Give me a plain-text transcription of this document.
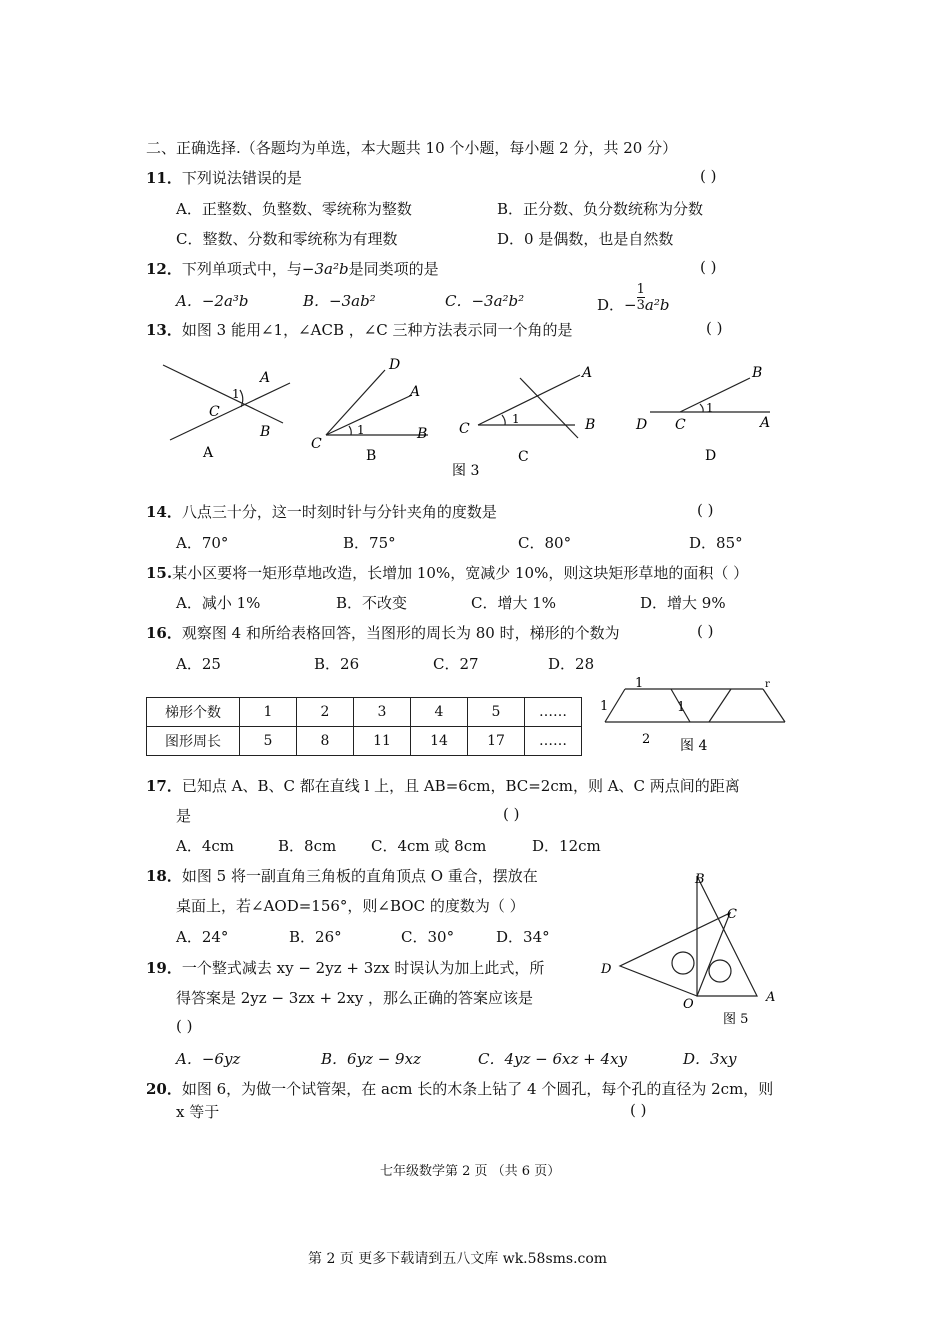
二、正确选择.（各题均为单选，本大题共 10 个小题，每小题 2 分，共 20 分）
11．下列说法错误的是	( )
A．正整数、负整数、零统称为整数	B．正分数、负分数统称为分数
C．整数、分数和零统称为有理数	D．0 是偶数，也是自然数
12．下列单项式中，与−3a²b是同类项的是	( )
A．−2a³b	B．−3ab²	C．−3a²b²	D．− $\frac{1}{3} a^2b$
13．如图 3 能用∠1，∠ACB ，∠C 三种方法表示同一个角的是	( )
A
C
B
1
A
D
A
C
1	B
B
A
C
1	B
C
B
D C
1
A
D
图 3
14．八点三十分，这一时刻时针与分针夹角的度数是	( )
A．70°	B．75°	C．80°	D．85°
15.某小区要将一矩形草地改造，长增加 10%，宽减少 10%，则这块矩形草地的面积（ ）
A．减小 1%	B．不改变	C．增大 1%	D．增大 9%
16．观察图 4 和所给表格回答，当图形的周长为 80 时，梯形的个数为	( )
A．25	B．26	C．27	D．28
梯形个数	1	2	3	4	5	……
图形周长	5	8	11	14	17	……
1
1	1
2
r
图 4
17．已知点 A、B、C 都在直线 l 上，且 AB=6cm，BC=2cm，则 A、C 两点间的距离
是	( )
A．4cm	B．8cm C．4cm 或 8cm	D．12cm
18．如图 5 将一副直角三角板的直角顶点 O 重合，摆放在
桌面上，若∠AOD=156°，则∠BOC 的度数为（ ）
A．24°	B．26°	C．30°	D．34°
B
C
D
O	A
图 5
19．一个整式减去 xy − 2yz + 3zx 时误认为加上此式，所
得答案是 2yz − 3zx + 2xy ，那么正确的答案应该是
( )
A．−6yz	B．6yz − 9xz	C．4yz − 6xz + 4xy	D．3xy
20．如图 6，为做一个试管架，在 acm 长的木条上钻了 4 个圆孔，每个孔的直径为 2cm，则
x 等于	( )
七年级数学第 2 页 （共 6 页）
第 2 页 更多下载请到五八文库 wk.58sms.com
